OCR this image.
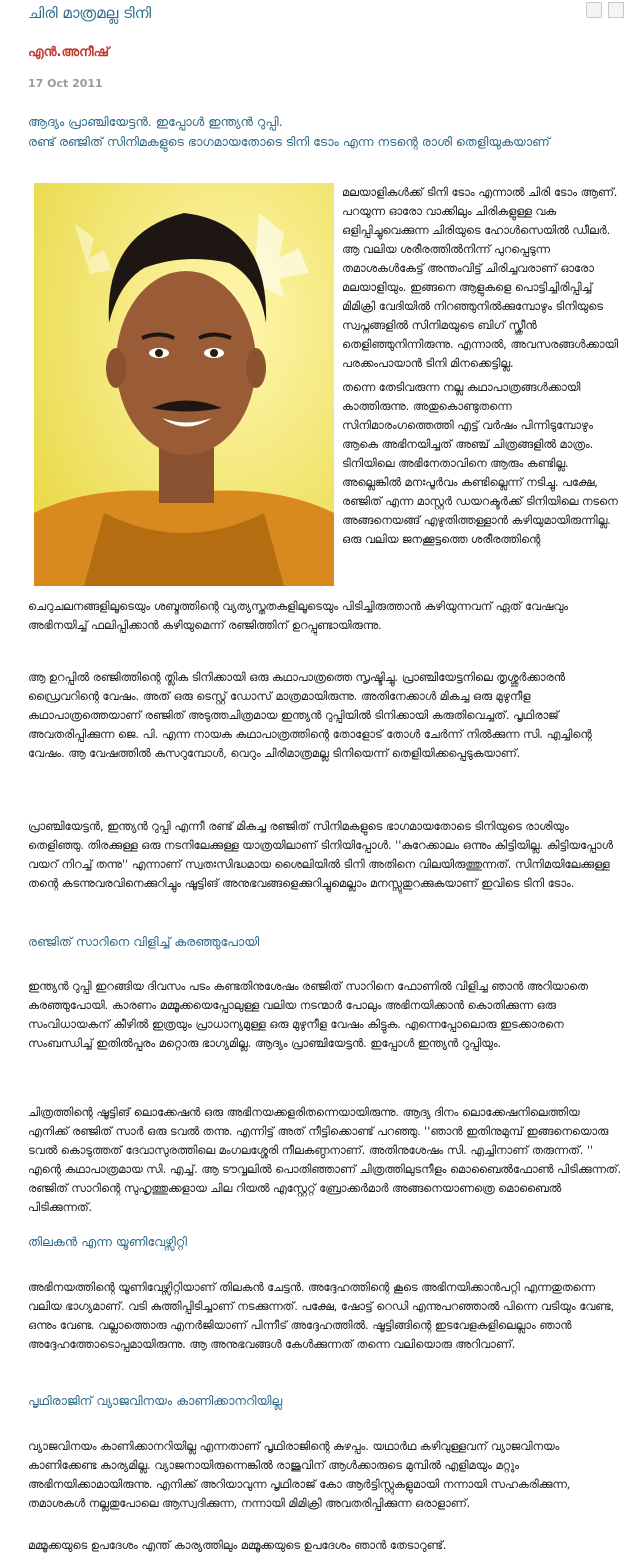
ചിരി മാത്രമല്ല ടിനി
എൻ.അനീഷ്
17 Oct 2011
ആദ്യം പ്രാഞ്ചിയേട്ടൻ. ഇപ്പോൾ ഇന്ത്യൻ റുപ്പി.
രണ്ട് രഞ്ജിത് സിനിമകളുടെ ഭാഗമായതോടെ ടിനി ടോം എന്ന നടന്റെ രാശി തെളിയുകയാണ്
മലയാളികൾക്ക് ടിനി ടോം എന്നാൽ ചിരി ടോം ആണ്. പറയുന്ന ഓരോ വാക്കിലും ചിരികളുള്ള വക ഒളിപ്പിച്ചുവെക്കുന്ന ചിരിയുടെ ഹോൾസെയിൽ ഡീലർ. ആ വലിയ ശരീരത്തിൽനിന്ന് പുറപ്പെടുന്ന തമാശകൾകേട്ട് അന്തംവിട്ട് ചിരിച്ചവരാണ് ഓരോ മലയാളിയും. ഇങ്ങനെ ആളുകളെ പൊട്ടിച്ചിരിപ്പിച്ച് മിമിക്രി വേദിയിൽ നിറഞ്ഞുനിൽക്കുമ്പോഴും ടിനിയുടെ സ്വപ്നങ്ങളിൽ സിനിമയുടെ ബിഗ് സ്ക്രീൻ തെളിഞ്ഞുനിന്നിരുന്നു. എന്നാൽ, അവസരങ്ങൾക്കായി പരക്കംപായാൻ ടിനി മിനക്കെട്ടില്ല.
തന്നെ തേടിവരുന്ന നല്ല കഥാപാത്രങ്ങൾക്കായി കാത്തിരുന്നു. അതുകൊണ്ടുതന്നെ സിനിമാരംഗത്തെത്തി എട്ട് വർഷം പിന്നിടുമ്പോഴും ആകെ അഭിനയിച്ചത് അഞ്ച് ചിത്രങ്ങളിൽ മാത്രം. ടിനിയിലെ അഭിനേതാവിനെ ആരും കണ്ടില്ല. അല്ലെങ്കിൽ മനഃപൂർവം കണ്ടില്ലെന്ന് നടിച്ചു. പക്ഷേ, രഞ്ജിത് എന്ന മാസ്റ്റർ ഡയറക്ടർക്ക് ടിനിയിലെ നടനെ അങ്ങനെയങ്ങ് എഴുതിത്തള്ളാൻ കഴിയുമായിരുന്നില്ല. ഒരു വലിയ ജനക്കൂട്ടത്തെ ശരീരത്തിന്റെ
ചെറുചലനങ്ങളിലൂടെയും ശബ്ദത്തിന്റെ വ്യത്യസ്തതകളിലൂടെയും പിടിച്ചിരുത്താൻ കഴിയുന്നവന് ഏത് വേഷവും അഭിനയിച്ച് ഫലിപ്പിക്കാൻ കഴിയുമെന്ന് രഞ്ജിത്തിന് ഉറപ്പുണ്ടായിരുന്നു.
ആ ഉറപ്പിൽ രഞ്ജിത്തിന്റെ ത്ലിക ടിനിക്കായി ഒരു കഥാപാത്രത്തെ സൃഷ്ടിച്ചു. പ്രാഞ്ചിയേട്ടനിലെ തൃശ്ശൂർക്കാരൻ ഡ്രൈവറിന്റെ വേഷം. അത് ഒരു ടെസ്റ്റ് ഡോസ് മാത്രമായിരുന്നു. അതിനേക്കാൾ മികച്ച ഒരു മുഴുനീള കഥാപാത്രത്തെയാണ് രഞ്ജിത് അടുത്തചിത്രമായ ഇന്ത്യൻ റുപ്പിയിൽ ടിനിക്കായി കരുതിവെച്ചത്. പൃഥിരാജ് അവതരിപ്പിക്കുന്ന ജെ. പി. എന്ന നായക കഥാപാത്രത്തിന്റെ തോളോട് തോൾ ചേർന്ന് നിൽക്കുന്ന സി. എച്ചിന്റെ വേഷം. ആ വേഷത്തിൽ കസറുമ്പോൾ, വെറും ചിരിമാത്രമല്ല ടിനിയെന്ന് തെളിയിക്കപ്പെടുകയാണ്.
പ്രാഞ്ചിയേട്ടൻ, ഇന്ത്യൻ റുപ്പി എന്നീ രണ്ട് മികച്ച രഞ്ജിത് സിനിമകളുടെ ഭാഗമായതോടെ ടിനിയുടെ രാശിയും തെളിഞ്ഞു. തിരക്കുള്ള ഒരു നടനിലേക്കുള്ള യാത്രയിലാണ് ടിനിയിപ്പോൾ. ''കുറേക്കാലം ഒന്നും കിട്ടിയില്ല. കിട്ടിയപ്പോൾ വയറ് നിറച്ച് തന്നു'' എന്നാണ് സ്വതഃസിദ്ധമായ ശൈലിയിൽ ടിനി അതിനെ വിലയിരുത്തുന്നത്. സിനിമയിലേക്കുള്ള തന്റെ കടന്നുവരവിനെക്കുറിച്ചും ഷൂട്ടിങ് അനുഭവങ്ങളെക്കുറിച്ചുമെല്ലാം മനസ്സുതുറക്കുകയാണ് ഇവിടെ ടിനി ടോം.
രഞ്ജിത് സാറിനെ വിളിച്ച് കരഞ്ഞുപോയി
ഇന്ത്യൻ റുപ്പി ഇറങ്ങിയ ദിവസം പടം കണ്ടതിനുശേഷം രഞ്ജിത് സാറിനെ ഫോണിൽ വിളിച്ച ഞാൻ അറിയാതെ കരഞ്ഞുപോയി. കാരണം മമ്മൂക്കയെപ്പോലുള്ള വലിയ നടന്മാർ പോലും അഭിനയിക്കാൻ കൊതിക്കുന്ന ഒരു സംവിധായകന് കീഴിൽ ഇത്രയും പ്രാധാന്യമുള്ള ഒരു മുഴുനീള വേഷം കിട്ടുക. എന്നെപ്പോലൊരു ഇടക്കാരനെ സംബന്ധിച്ച് ഇതിൽപ്പരം മറ്റൊരു ഭാഗ്യമില്ല. ആദ്യം പ്രാഞ്ചിയേട്ടൻ. ഇപ്പോൾ ഇന്ത്യൻ റുപ്പിയും.
ചിത്രത്തിന്റെ ഷൂട്ടിങ് ലൊക്കേഷൻ ഒരു അഭിനയക്കളരിതന്നെയായിരുന്നു. ആദ്യ ദിനം ലൊക്കേഷനിലെത്തിയ എനിക്ക് രഞ്ജിത് സാർ ഒരു ടവൽ തന്നു. എന്നിട്ട് അത് നീട്ടിക്കൊണ്ട് പറഞ്ഞു. ''ഞാൻ ഇതിനുമുമ്പ് ഇങ്ങനെയൊരു ടവൽ കൊടുത്തത് ദേവാസുരത്തിലെ മംഗലശ്ശേരി നീലകണ്ഠനാണ്. അതിനുശേഷം സി. എച്ചിനാണ് തരുന്നത്. '' എന്റെ കഥാപാത്രമായ സി. എച്ച്. ആ ടൗവ്വലിൽ പൊതിഞ്ഞാണ് ചിത്രത്തിലുടനീളം മൊബൈൽഫോൺ പിടിക്കുന്നത്. രഞ്ജിത് സാറിന്റെ സുഹൃത്തുക്കളായ ചില റിയൽ എസ്റ്റേറ്റ് ബ്രോക്കർമാർ അങ്ങനെയാണത്രെ മൊബൈൽ പിടിക്കുന്നത്.
തിലകൻ എന്ന യൂണിവേഴ്സിറ്റി
അഭിനയത്തിന്റെ യൂണിവേഴ്സിറ്റിയാണ് തിലകൻ ചേട്ടൻ. അദ്ദേഹത്തിന്റെ കൂടെ അഭിനയിക്കാൻപറ്റി എന്നതുതന്നെ വലിയ ഭാഗ്യമാണ്. വടി കുത്തിപ്പിടിച്ചാണ് നടക്കുന്നത്. പക്ഷേ, ഷോട്ട് റെഡി എന്നുപറഞ്ഞാൽ പിന്നെ വടിയും വേണ്ട, ഒന്നും വേണ്ട. വല്ലാത്തൊരു എനർജിയാണ് പിന്നീട് അദ്ദേഹത്തിൽ. ഷൂട്ടിങ്ങിന്റെ ഇടവേളകളിലെല്ലാം ഞാൻ അദ്ദേഹത്തോടൊപ്പമായിരുന്നു. ആ അനുഭവങ്ങൾ കേൾക്കുന്നത് തന്നെ വലിയൊരു അറിവാണ്.
പൃഥിരാജിന് വ്യാജവിനയം കാണിക്കാനറിയില്ല
വ്യാജവിനയം കാണിക്കാനറിയില്ല എന്നതാണ് പൃഥിരാജിന്റെ കുഴപ്പം. യഥാർഥ കഴിവുള്ളവന് വ്യാജവിനയം കാണിക്കേണ്ട കാര്യമില്ല. വ്യാജനായിരുന്നെങ്കിൽ രാജുവിന് ആൾക്കാരുടെ മുമ്പിൽ എളിമയും മറ്റും അഭിനയിക്കാമായിരുന്നു. എനിക്ക് അറിയാവുന്ന പൃഥിരാജ് കോ ആർട്ടിസ്റ്റുകളുമായി നന്നായി സഹകരിക്കുന്ന, തമാശകൾ നല്ലതുപോലെ ആസ്വദിക്കുന്ന, നന്നായി മിമിക്രി അവതരിപ്പിക്കുന്ന ഒരാളാണ്.
മമ്മൂക്കയുടെ ഉപദേശം എന്ത് കാര്യത്തിലും മമ്മൂക്കയുടെ ഉപദേശം ഞാൻ തേടാറുണ്ട്.
